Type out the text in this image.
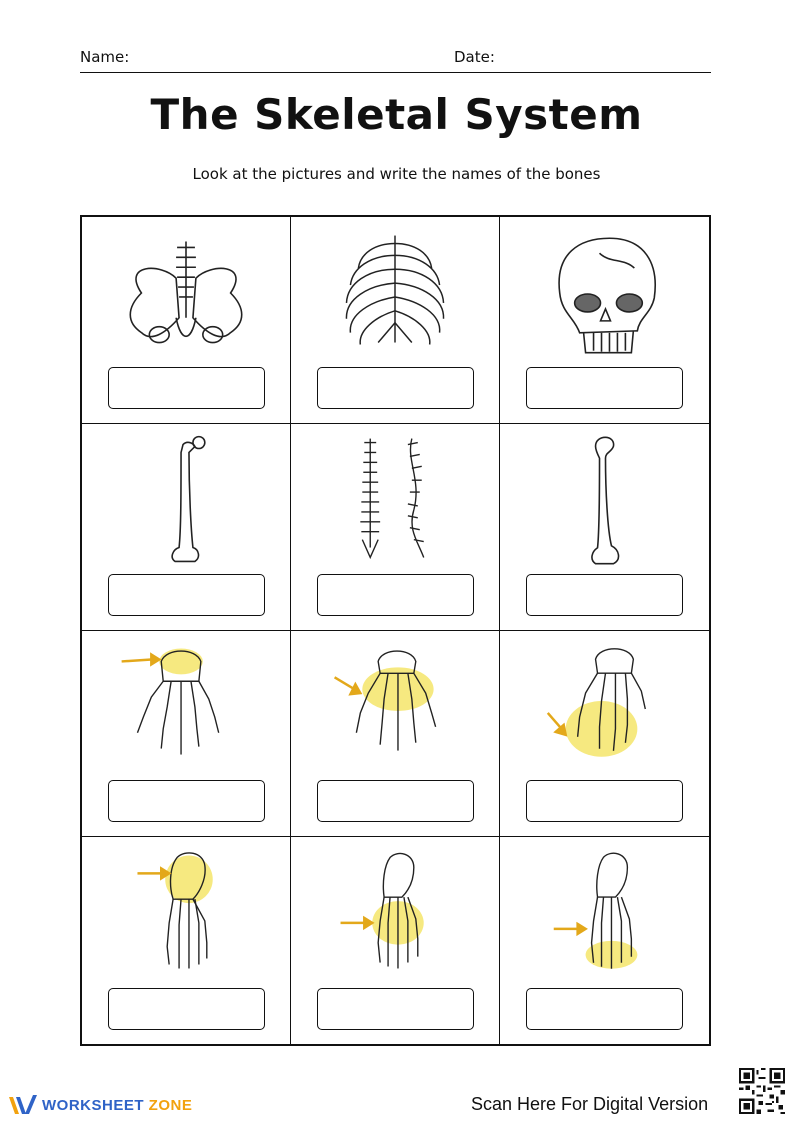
Name:	Date:
The Skeletal System
Look at the pictures and write the names of the bones
WORKSHEET ZONE	Scan Here For Digital Version
